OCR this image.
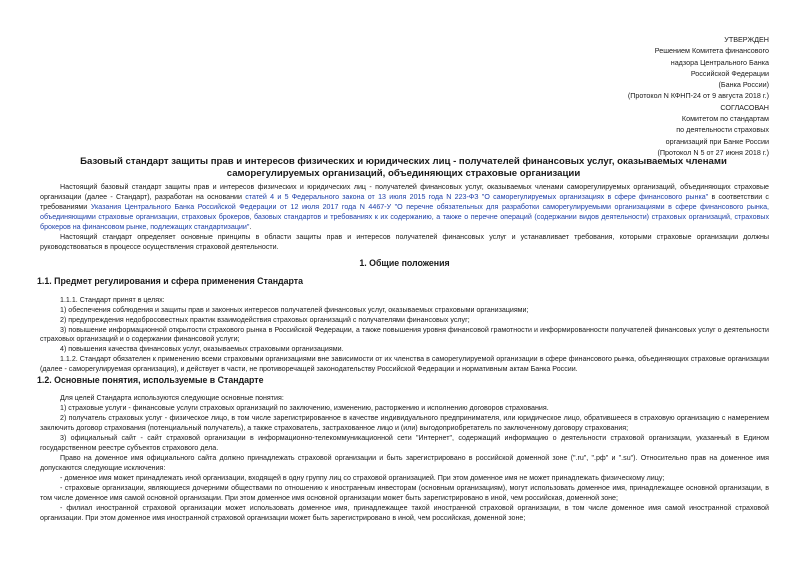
УТВЕРЖДЕН
Решением Комитета финансового
надзора Центрального Банка
Российской Федерации
(Банка России)
(Протокол N КФНП-24 от 9 августа 2018 г.)
СОГЛАСОВАН
Комитетом по стандартам
по деятельности страховых
организаций при Банке России
(Протокол N 5 от 27 июня 2018 г.)
Базовый стандарт защиты прав и интересов физических и юридических лиц - получателей финансовых услуг, оказываемых членами саморегулируемых организаций, объединяющих страховые организации

Настоящий базовый стандарт защиты прав и интересов физических и юридических лиц - получателей финансовых услуг, оказываемых членами саморегулируемых организаций, объединяющих страховые организации (далее - Стандарт), разработан на основании статей 4 и 5 Федерального закона от 13 июля 2015 года N 223-ФЗ "О саморегулируемых организациях в сфере финансового рынка" в соответствии с требованиями Указания Центрального Банка Российской Федерации от 12 июля 2017 года N 4467-У "О перечне обязательных для разработки саморегулируемыми организациями в сфере финансового рынка, объединяющими страховые организации, страховых брокеров, базовых стандартов и требованиях к их содержанию, а также о перечне операций (содержании видов деятельности) страховых организаций, страховых брокеров на финансовом рынке, подлежащих стандартизации".

Настоящий стандарт определяет основные принципы в области защиты прав и интересов получателей финансовых услуг и устанавливает требования, которыми страховые организации должны руководствоваться в процессе осуществления страховой деятельности.

1. Общие положения
1.1. Предмет регулирования и сфера применения Стандарта

1.1.1. Стандарт принят в целях:

1) обеспечения соблюдения и защиты прав и законных интересов получателей финансовых услуг, оказываемых страховыми организациями;

2) предупреждения недобросовестных практик взаимодействия страховых организаций с получателями финансовых услуг;

3) повышение информационной открытости страхового рынка в Российской Федерации, а также повышения уровня финансовой грамотности и информированности получателей финансовых услуг о деятельности страховых организаций и о содержании финансовой услуги;

4) повышения качества финансовых услуг, оказываемых страховыми организациями.

1.1.2. Стандарт обязателен к применению всеми страховыми организациями вне зависимости от их членства в саморегулируемой организации в сфере финансового рынка, объединяющих страховые организации (далее - саморегулируемая организация), и действует в части, не противоречащей законодательству Российской Федерации и нормативным актам Банка России.

1.2. Основные понятия, используемые в Стандарте

Для целей Стандарта используются следующие основные понятия:

1) страховые услуги - финансовые услуги страховых организаций по заключению, изменению, расторжению и исполнению договоров страхования.

2) получатель страховых услуг - физическое лицо, в том числе зарегистрированное в качестве индивидуального предпринимателя, или юридическое лицо, обратившееся в страховую организацию с намерением заключить договор страхования (потенциальный получатель), а также страхователь, застрахованное лицо и (или) выгодоприобретатель по заключенному договору страхования;

3) официальный сайт - сайт страховой организации в информационно-телекоммуникационной сети "Интернет", содержащий информацию о деятельности страховой организации, указанный в Едином государственном реестре субъектов страхового дела.

Право на доменное имя официального сайта должно принадлежать страховой организации и быть зарегистрировано в российской доменной зоне (".ru", ".рф" и ".su"). Относительно прав на доменное имя допускаются следующие исключения:

- доменное имя может принадлежать иной организации, входящей в одну группу лиц со страховой организацией. При этом доменное имя не может принадлежать физическому лицу;

- страховые организации, являющиеся дочерними обществами по отношению к иностранным инвесторам (основным организациям), могут использовать доменное имя, принадлежащее основной организации, в том числе доменное имя самой основной организации. При этом доменное имя основной организации может быть зарегистрировано в иной, чем российская, доменной зоне;

- филиал иностранной страховой организации может использовать доменное имя, принадлежащее такой иностранной страховой организации, в том числе доменное имя самой иностранной страховой организации. При этом доменное имя иностранной страховой организации может быть зарегистрировано в иной, чем российская, доменной зоне;
